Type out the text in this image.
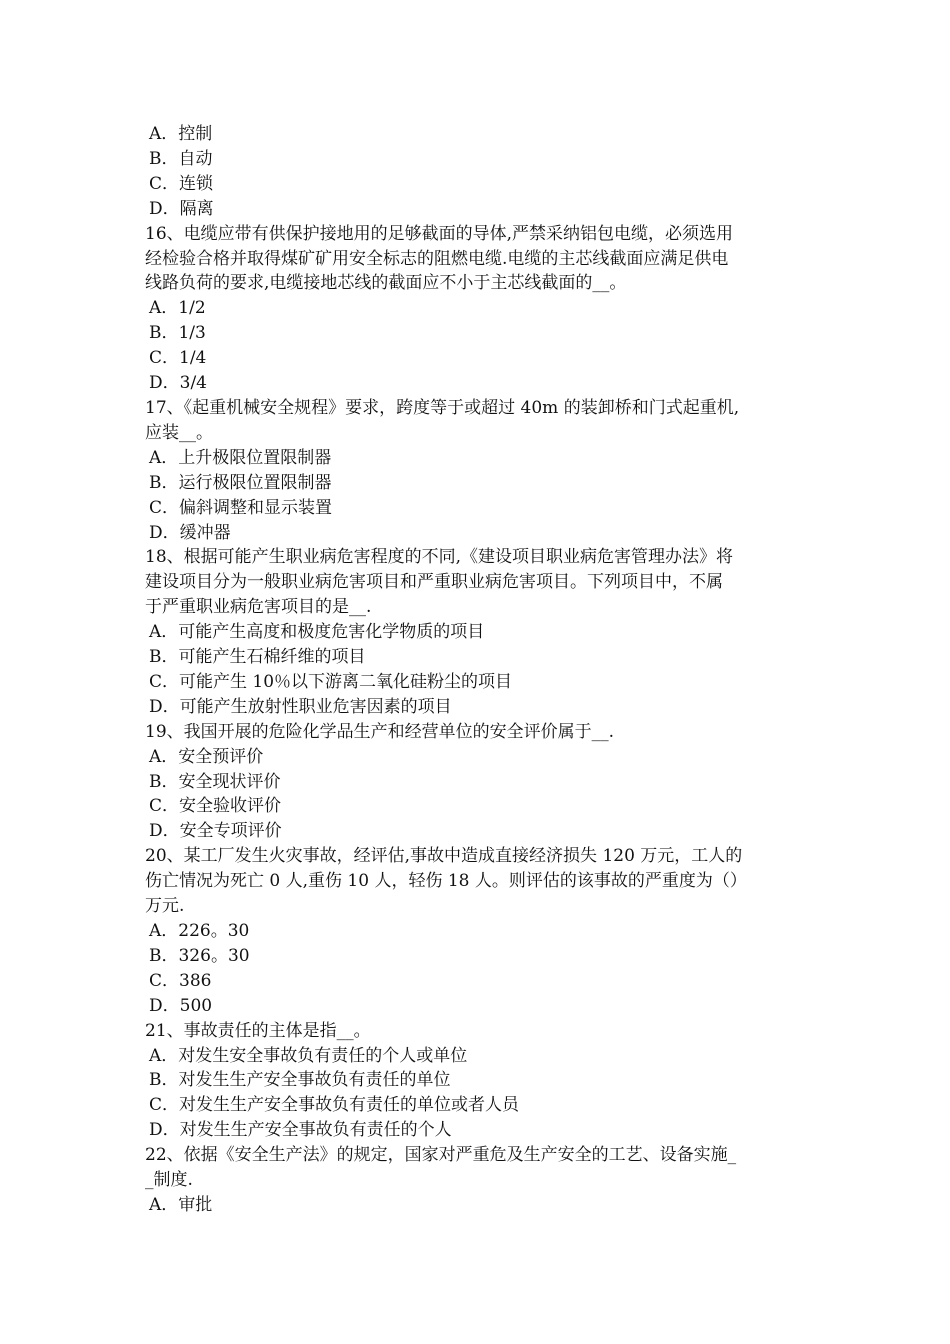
A．控制

B．自动

C．连锁

D．隔离

16、电缆应带有供保护接地用的足够截面的导体,严禁采纳铝包电缆，必须选用

经检验合格并取得煤矿矿用安全标志的阻燃电缆.电缆的主芯线截面应满足供电

线路负荷的要求,电缆接地芯线的截面应不小于主芯线截面的__。

A．1/2

B．1/3

C．1/4

D．3/4

17、《起重机械安全规程》要求，跨度等于或超过 40m 的装卸桥和门式起重机,

应装__。

A．上升极限位置限制器

B．运行极限位置限制器

C．偏斜调整和显示装置

D．缓冲器

18、根据可能产生职业病危害程度的不同,《建设项目职业病危害管理办法》将

建设项目分为一般职业病危害项目和严重职业病危害项目。下列项目中，不属

于严重职业病危害项目的是__.

A．可能产生高度和极度危害化学物质的项目

B．可能产生石棉纤维的项目

C．可能产生 10％以下游离二氧化硅粉尘的项目

D．可能产生放射性职业危害因素的项目

19、我国开展的危险化学品生产和经营单位的安全评价属于__.

A．安全预评价

B．安全现状评价

C．安全验收评价

D．安全专项评价

20、某工厂发生火灾事故，经评估,事故中造成直接经济损失 120 万元，工人的

伤亡情况为死亡 0 人,重伤 10 人，轻伤 18 人。则评估的该事故的严重度为（）

万元.

A．226。30

B．326。30

C．386

D．500

21、事故责任的主体是指__。

A．对发生安全事故负有责任的个人或单位

B．对发生生产安全事故负有责任的单位

C．对发生生产安全事故负有责任的单位或者人员

D．对发生生产安全事故负有责任的个人

22、依据《安全生产法》的规定，国家对严重危及生产安全的工艺、设备实施_

_制度.

A．审批
